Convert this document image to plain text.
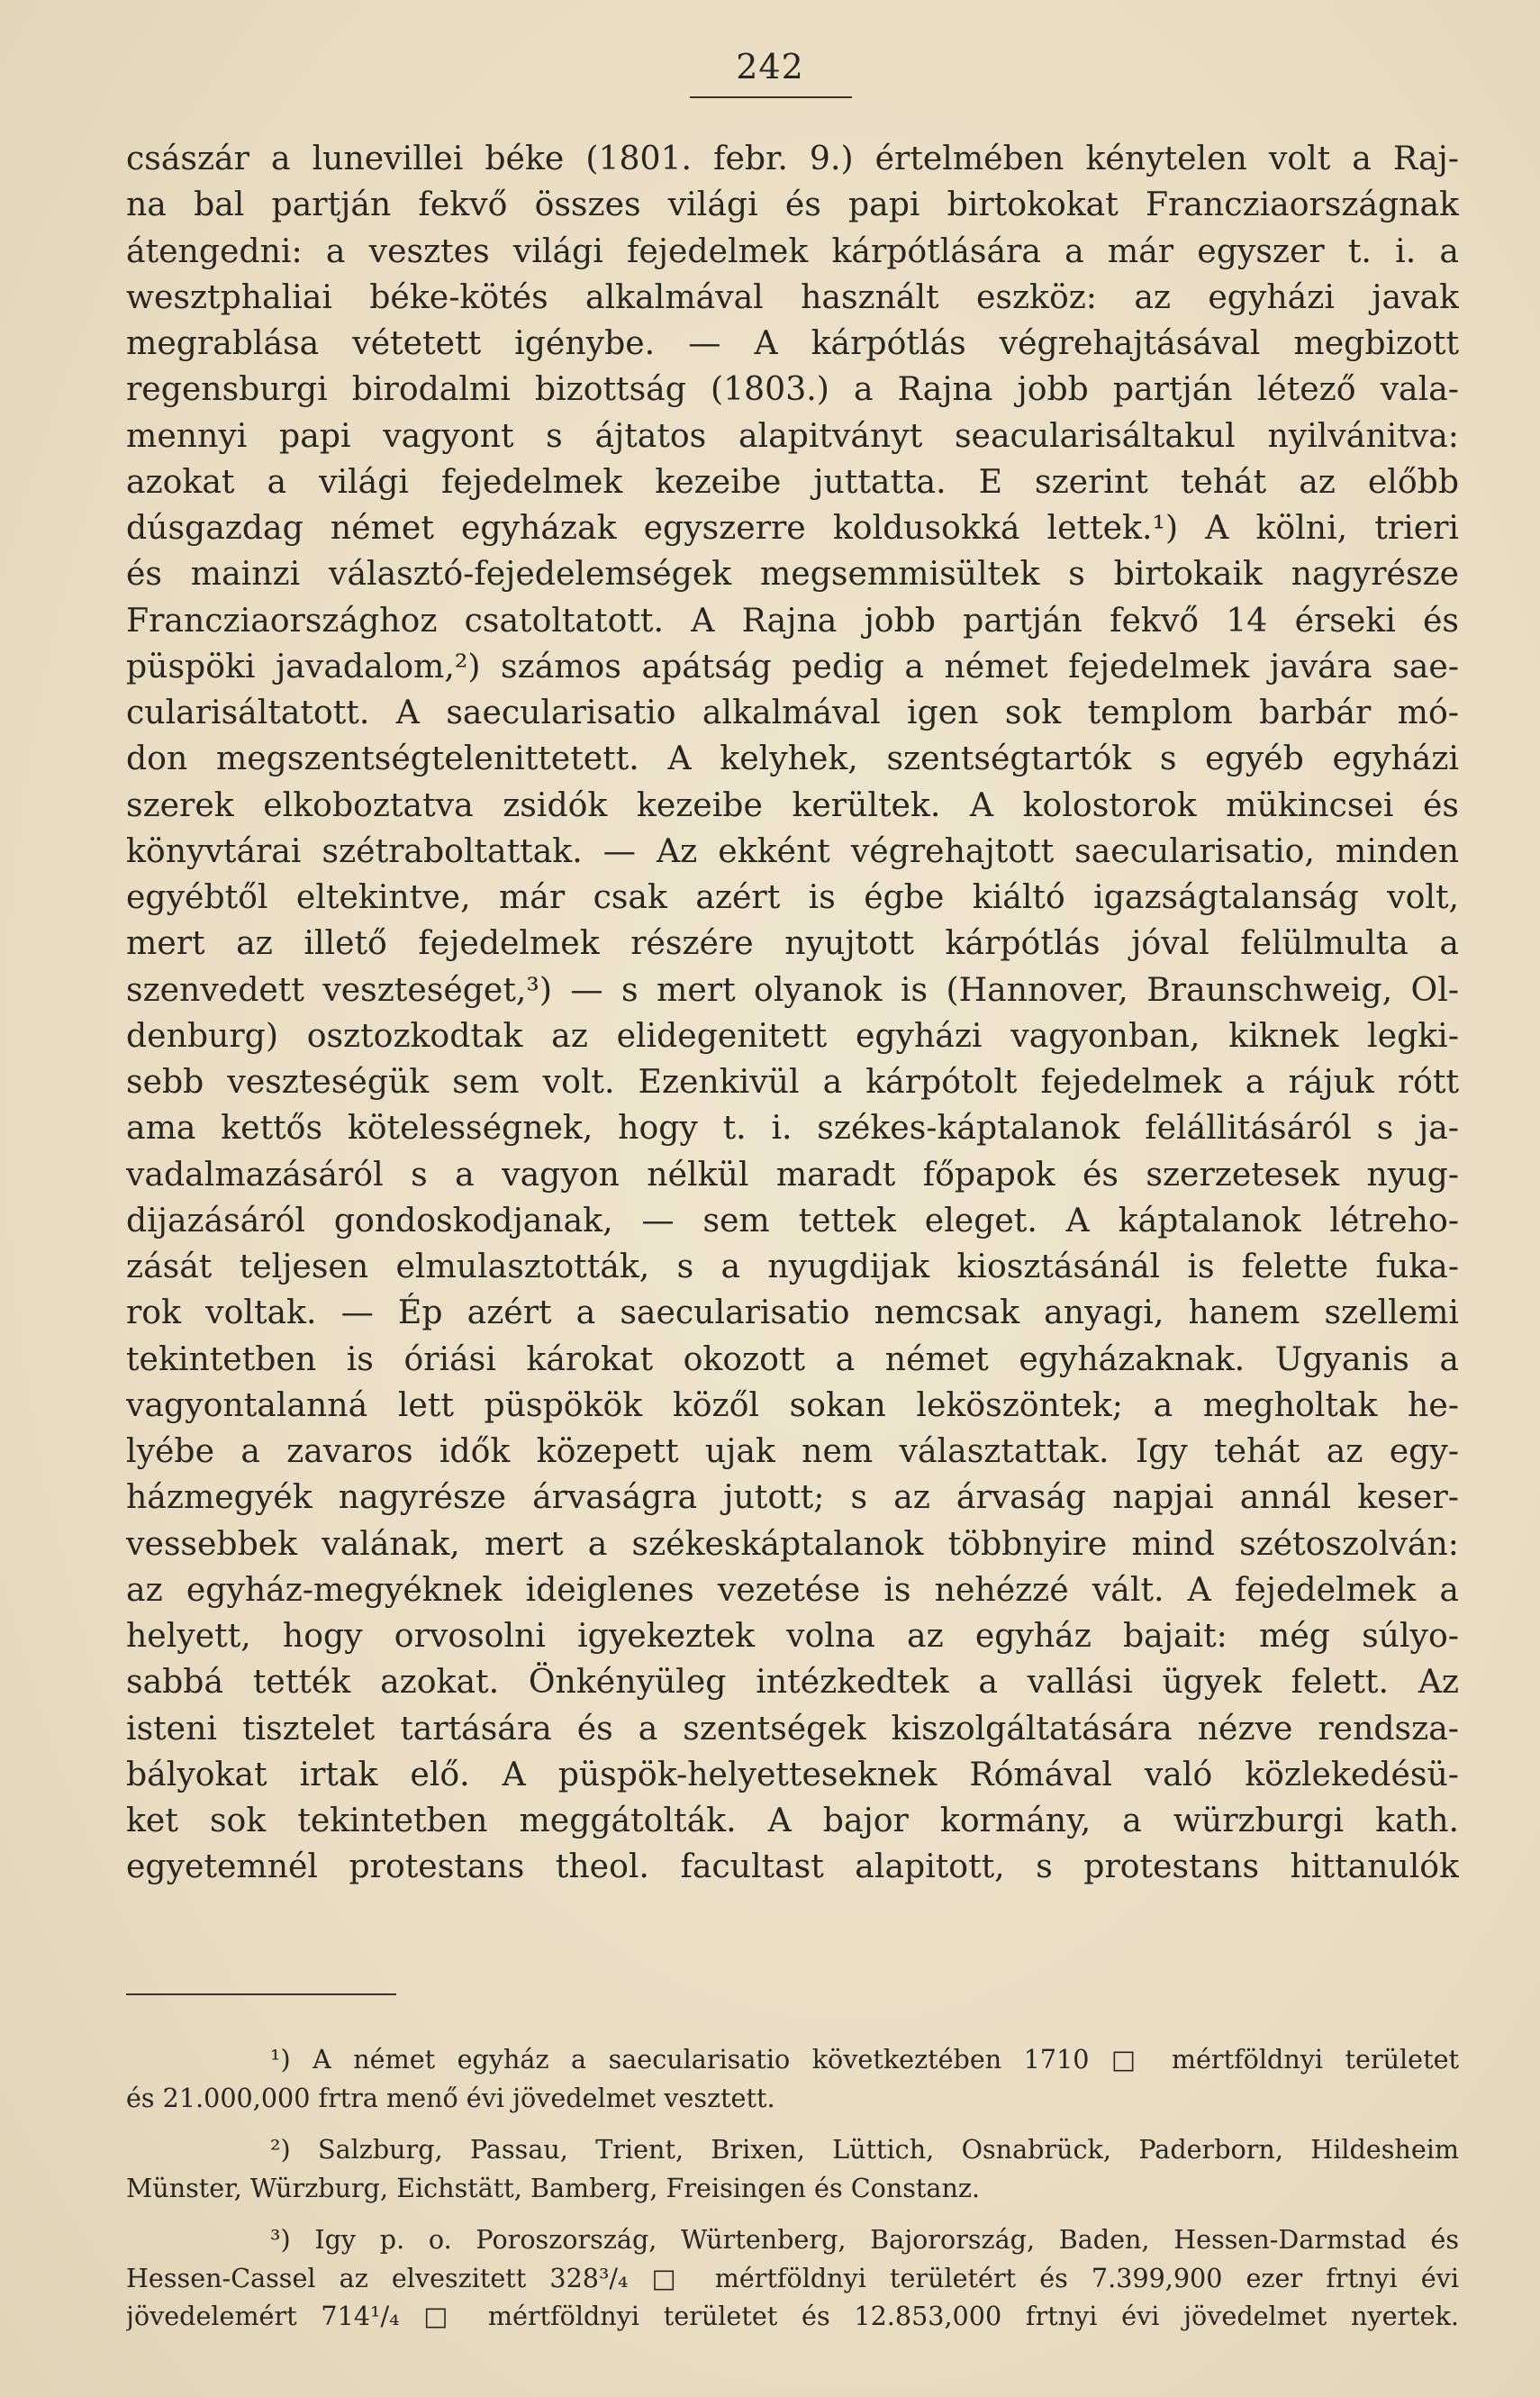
242
császár a lunevillei béke (1801. febr. 9.) értelmében kénytelen volt a Raj-
na bal partján fekvő összes világi és papi birtokokat Francziaországnak
átengedni: a vesztes világi fejedelmek kárpótlására a már egyszer t. i. a
wesztphaliai béke-kötés alkalmával használt eszköz: az egyházi javak
megrablása vétetett igénybe. — A kárpótlás végrehajtásával megbizott
regensburgi birodalmi bizottság (1803.) a Rajna jobb partján létező vala-
mennyi papi vagyont s ájtatos alapitványt seacularisáltakul nyilvánitva:
azokat a világi fejedelmek kezeibe juttatta. E szerint tehát az előbb
dúsgazdag német egyházak egyszerre koldusokká lettek.¹) A kölni, trieri
és mainzi választó-fejedelemségek megsemmisültek s birtokaik nagyrésze
Francziaországhoz csatoltatott. A Rajna jobb partján fekvő 14 érseki és
püspöki javadalom,²) számos apátság pedig a német fejedelmek javára sae-
cularisáltatott. A saecularisatio alkalmával igen sok templom barbár mó-
don megszentségtelenittetett. A kelyhek, szentségtartók s egyéb egyházi
szerek elkoboztatva zsidók kezeibe kerültek. A kolostorok mükincsei és
könyvtárai szétraboltattak. — Az ekként végrehajtott saecularisatio, minden
egyébtől eltekintve, már csak azért is égbe kiáltó igazságtalanság volt,
mert az illető fejedelmek részére nyujtott kárpótlás jóval felülmulta a
szenvedett veszteséget,³) — s mert olyanok is (Hannover, Braunschweig, Ol-
denburg) osztozkodtak az elidegenitett egyházi vagyonban, kiknek legki-
sebb veszteségük sem volt. Ezenkivül a kárpótolt fejedelmek a rájuk rótt
ama kettős kötelességnek, hogy t. i. székes-káptalanok felállitásáról s ja-
vadalmazásáról s a vagyon nélkül maradt főpapok és szerzetesek nyug-
dijazásáról gondoskodjanak, — sem tettek eleget. A káptalanok létreho-
zását teljesen elmulasztották, s a nyugdijak kiosztásánál is felette fuka-
rok voltak. — Ép azért a saecularisatio nemcsak anyagi, hanem szellemi
tekintetben is óriási károkat okozott a német egyházaknak. Ugyanis a
vagyontalanná lett püspökök közől sokan leköszöntek; a megholtak he-
lyébe a zavaros idők közepett ujak nem választattak. Igy tehát az egy-
házmegyék nagyrésze árvaságra jutott; s az árvaság napjai annál keser-
vessebbek valának, mert a székeskáptalanok többnyire mind szétoszolván:
az egyház-megyéknek ideiglenes vezetése is nehézzé vált. A fejedelmek a
helyett, hogy orvosolni igyekeztek volna az egyház bajait: még súlyo-
sabbá tették azokat. Önkényüleg intézkedtek a vallási ügyek felett. Az
isteni tisztelet tartására és a szentségek kiszolgáltatására nézve rendsza-
bályokat irtak elő. A püspök-helyetteseknek Rómával való közlekedésü-
ket sok tekintetben meggátolták. A bajor kormány, a würzburgi kath.
egyetemnél protestans theol. facultast alapitott, s protestans hittanulók
¹) A német egyház a saecularisatio következtében 1710 □ mértföldnyi területet
és 21.000,000 frtra menő évi jövedelmet vesztett.
²) Salzburg, Passau, Trient, Brixen, Lüttich, Osnabrück, Paderborn, Hildesheim
Münster, Würzburg, Eichstätt, Bamberg, Freisingen és Constanz.
³) Igy p. o. Poroszország, Würtenberg, Bajorország, Baden, Hessen-Darmstad és
Hessen-Cassel az elveszitett 328³/₄ □ mértföldnyi területért és 7.399,900 ezer frtnyi évi
jövedelemért 714¹/₄ □ mértföldnyi területet és 12.853,000 frtnyi évi jövedelmet nyertek.
